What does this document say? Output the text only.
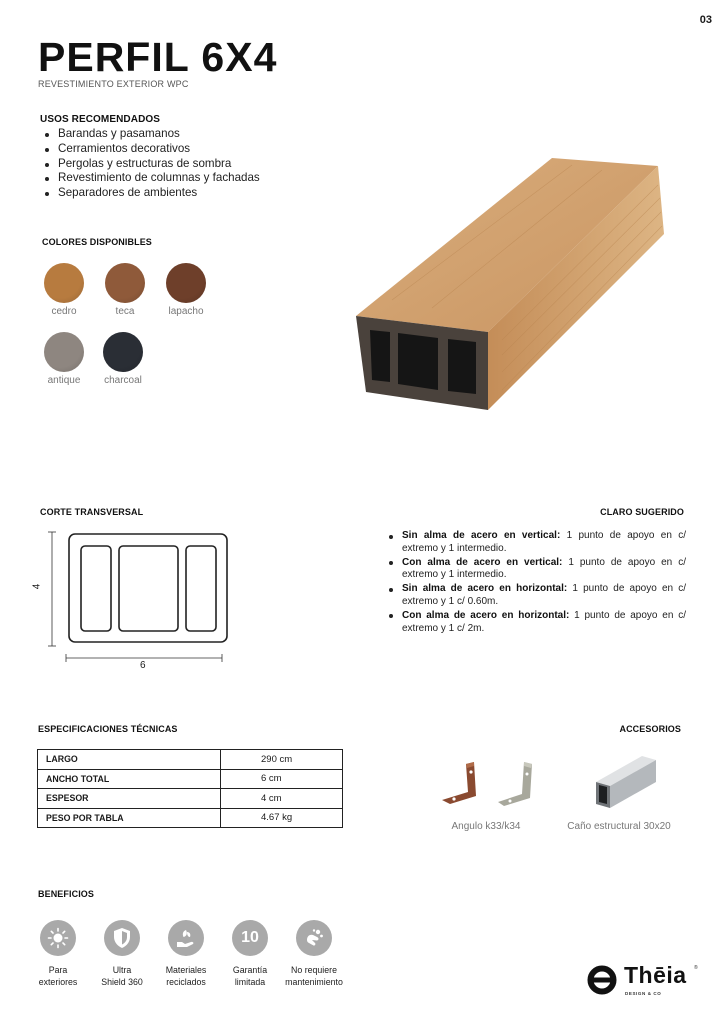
03
PERFIL 6X4
REVESTIMIENTO EXTERIOR WPC
USOS RECOMENDADOS
Barandas y pasamanos
Cerramientos decorativos
Pergolas y estructuras de sombra
Revestimiento de columnas y fachadas
Separadores de ambientes
COLORES DISPONIBLES
cedro	teca	lapacho
antique	charcoal
CORTE TRANSVERSAL
4
6
CLARO SUGERIDO
Sin alma de acero en vertical: 1 punto de apoyo en c/ extremo y 1 intermedio.
Con alma de acero en vertical: 1 punto de apoyo en c/ extremo y 1 intermedio.
Sin alma de acero en horizontal: 1 punto de apoyo en c/ extremo y 1 c/ 0.60m.
Con alma de acero en horizontal: 1 punto de apoyo en c/ extremo y 1 c/ 2m.
ESPECIFICACIONES TÉCNICAS
LARGO	290 cm
ANCHO TOTAL	6 cm
ESPESOR	4 cm
PESO POR TABLA	4.67 kg
ACCESORIOS
Angulo k33/k34	Caño estructural 30x20
BENEFICIOS
Para
exteriores
Ultra
Shield 360
Materiales
reciclados
10
Garantía
limitada
No requiere
mantenimiento	Thēia
DESIGN & CO
®
